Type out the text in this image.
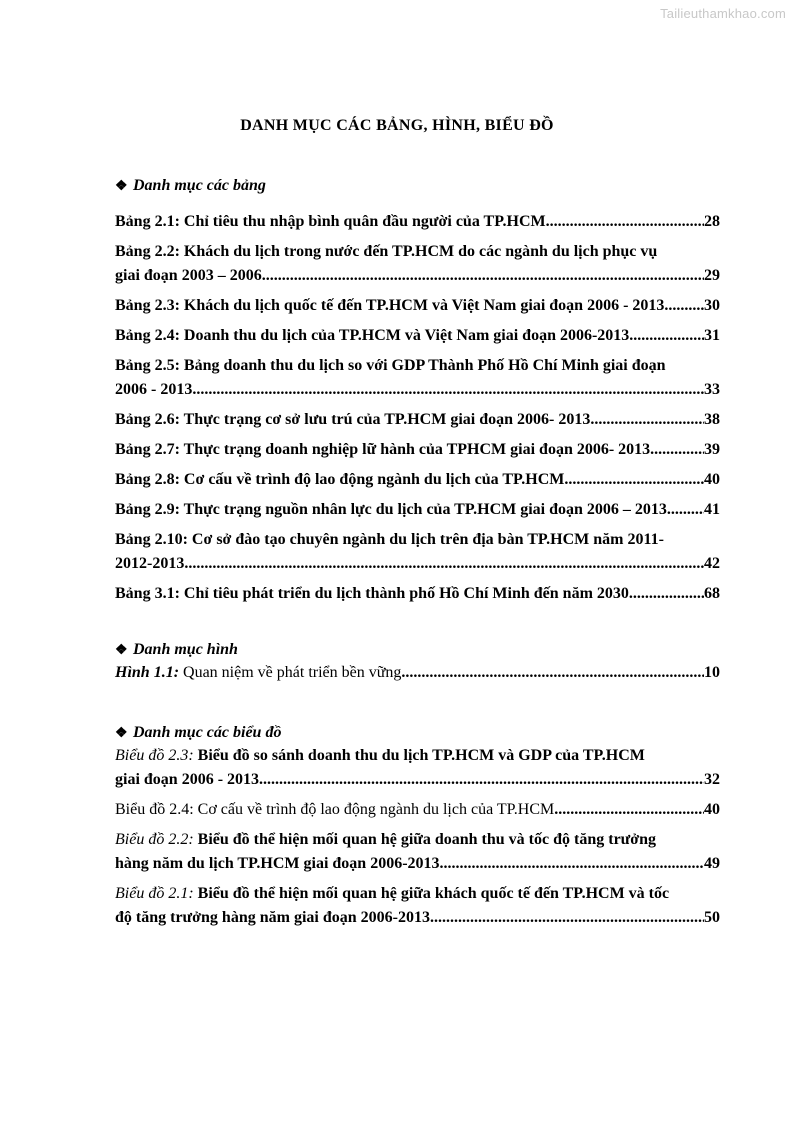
Tailieuthamkhao.com
DANH MỤC CÁC BẢNG, HÌNH, BIỂU ĐỒ
❖ Danh mục các bảng
Bảng 2.1: Chỉ tiêu thu nhập bình quân đầu người của TP.HCM .....	28
Bảng 2.2: Khách du lịch trong nước đến TP.HCM do các ngành du lịch phục vụ
giai đoạn 2003 – 2006 .....	29
Bảng 2.3: Khách du lịch quốc tế đến TP.HCM và Việt Nam giai đoạn 2006 - 2013 ..... 30
Bảng 2.4: Doanh thu du lịch của TP.HCM và Việt Nam giai đoạn 2006-2013 .....	31
Bảng 2.5: Bảng doanh thu du lịch so với GDP Thành Phố Hồ Chí Minh giai đoạn
2006 - 2013 .....	33
Bảng 2.6: Thực trạng cơ sở lưu trú của TP.HCM giai đoạn 2006- 2013 .....	38
Bảng 2.7: Thực trạng doanh nghiệp lữ hành của TPHCM giai đoạn 2006- 2013 .....	39
Bảng 2.8: Cơ cấu về trình độ lao động ngành du lịch của TP.HCM .....	40
Bảng 2.9: Thực trạng nguồn nhân lực du lịch của TP.HCM giai đoạn 2006 – 2013 ..... 41
Bảng 2.10: Cơ sở đào tạo chuyên ngành du lịch trên địa bàn TP.HCM năm 2011-
2012-2013 .....	42
Bảng 3.1: Chỉ tiêu phát triển du lịch thành phố Hồ Chí Minh đến năm 2030 .....	68
❖ Danh mục hình
Hình 1.1: Quan niệm về phát triển bền vững .....	10
❖ Danh mục các biểu đồ
Biểu đồ 2.3: Biểu đồ so sánh doanh thu du lịch TP.HCM và GDP của TP.HCM
giai đoạn 2006 - 2013 .....	32
Biểu đồ 2.4: Cơ cấu về trình độ lao động ngành du lịch của TP.HCM .....	40
Biểu đồ 2.2: Biểu đồ thể hiện mối quan hệ giữa doanh thu và tốc độ tăng trưởng
hàng năm du lịch TP.HCM giai đoạn 2006-2013 .....	49
Biểu đồ 2.1: Biểu đồ thể hiện mối quan hệ giữa khách quốc tế đến TP.HCM và tốc
độ tăng trưởng hàng năm giai đoạn 2006-2013 .....	50
